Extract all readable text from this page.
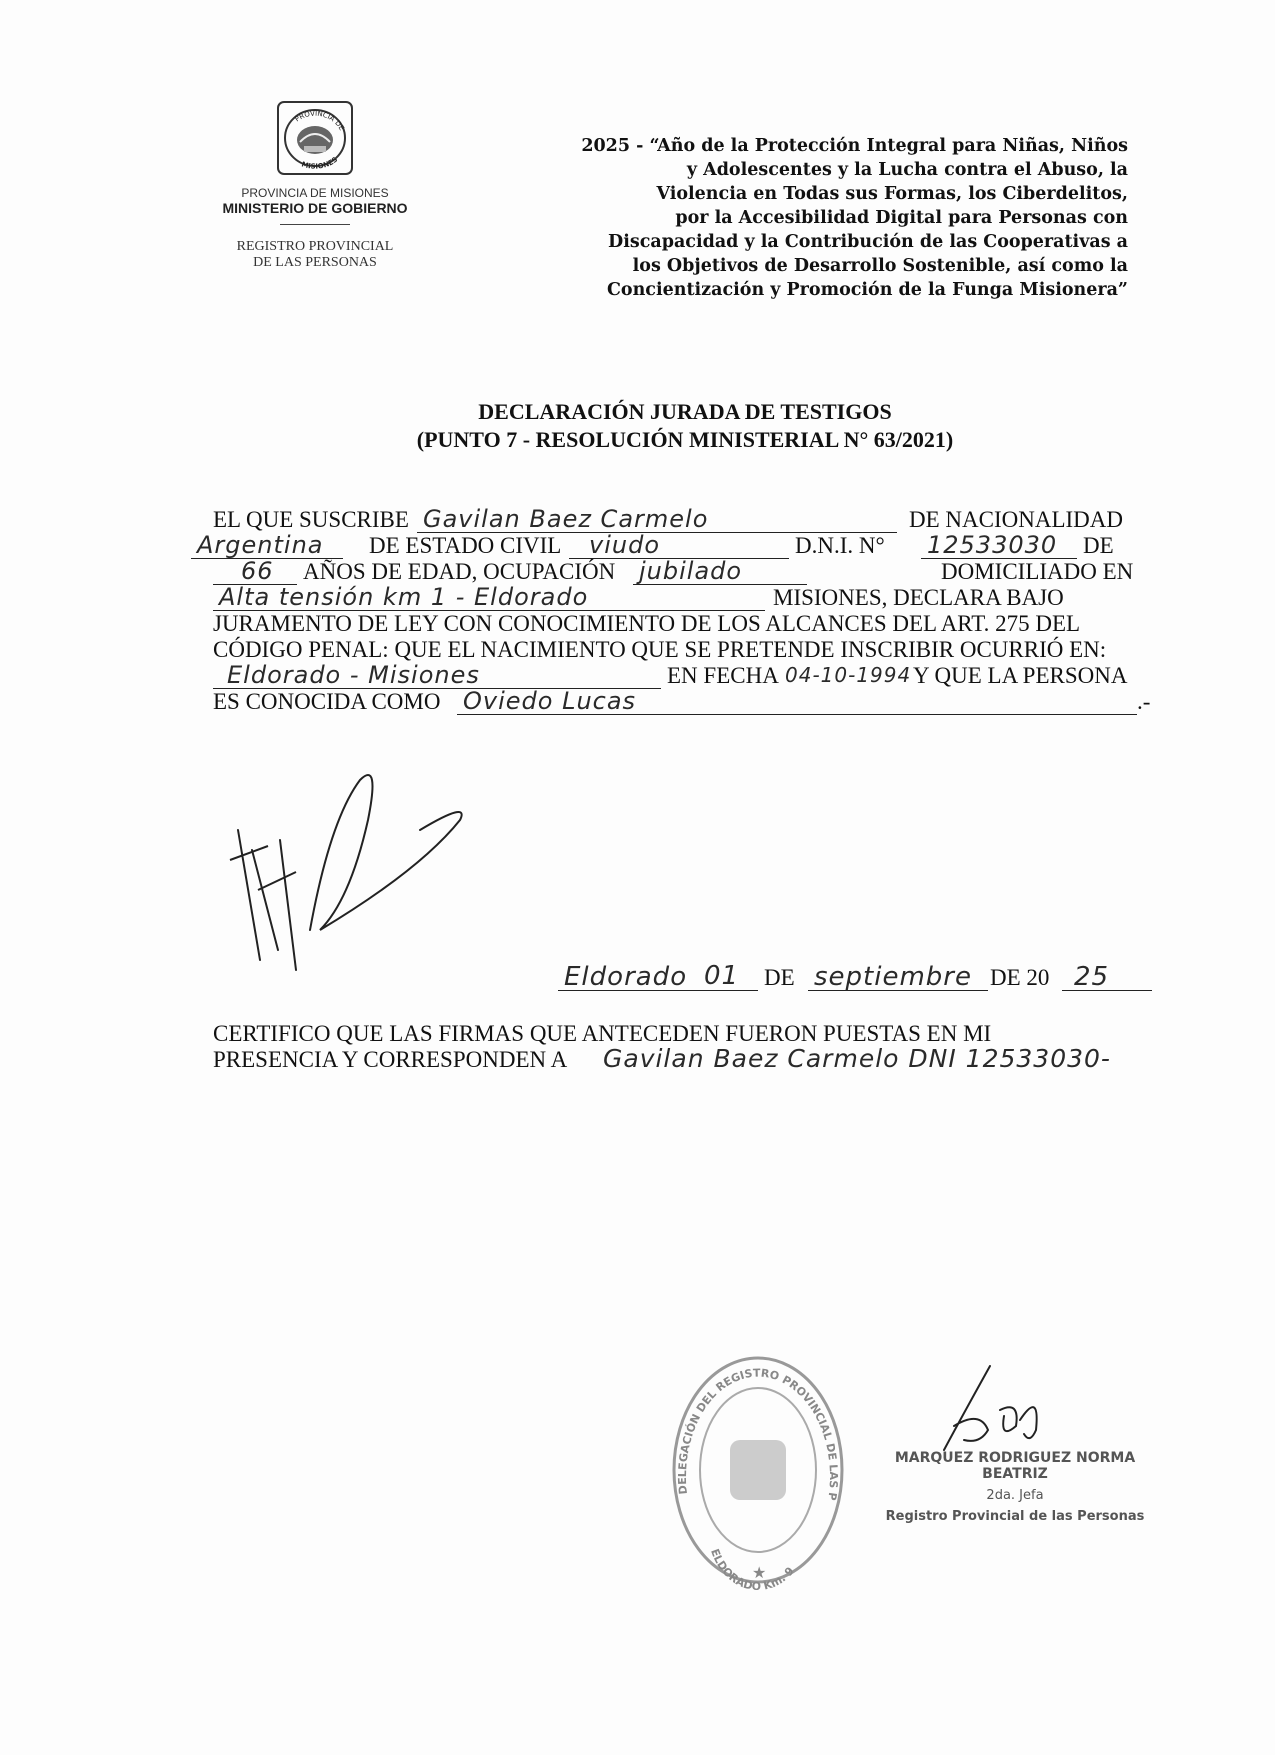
PROVINCIA DE
MISIONES
PROVINCIA DE MISIONES
MINISTERIO DE GOBIERNO
REGISTRO PROVINCIAL
DE LAS PERSONAS
2025 - “Año de la Protección Integral para Niñas, Niños
y Adolescentes y la Lucha contra el Abuso, la
Violencia en Todas sus Formas, los Ciberdelitos,
por la Accesibilidad Digital para Personas con
Discapacidad y la Contribución de las Cooperativas a
los Objetivos de Desarrollo Sostenible, así como la
Concientización y Promoción de la Funga Misionera”
DECLARACIÓN JURADA DE TESTIGOS
(PUNTO 7 - RESOLUCIÓN MINISTERIAL N° 63/2021)
EL QUE SUSCRIBE Gavilan Baez Carmelo	DE NACIONALIDAD
Argentina DE ESTADO CIVIL viudo	D.N.I. N° 12533030 DE
66 AÑOS DE EDAD, OCUPACIÓN jubilado	DOMICILIADO EN
Alta tensión km 1 - Eldorado	MISIONES, DECLARA BAJO
JURAMENTO DE LEY CON CONOCIMIENTO DE LOS ALCANCES DEL ART. 275 DEL
CÓDIGO PENAL: QUE EL NACIMIENTO QUE SE PRETENDE INSCRIBIR OCURRIÓ EN:
Eldorado - Misiones	EN FECHA 04-10-1994 Y QUE LA PERSONA
ES CONOCIDA COMO Oviedo Lucas	.-
Eldorado 01 DE septiembre DE 20 25
CERTIFICO QUE LAS FIRMAS QUE ANTECEDEN FUERON PUESTAS EN MI
PRESENCIA Y CORRESPONDEN A Gavilan Baez Carmelo DNI 12533030-
DELEGACIÓN DEL REGISTRO PROVINCIAL DE LAS P
ELDORADO Km. 9
★
MARQUEZ RODRIGUEZ NORMA BEATRIZ
2da. Jefa
Registro Provincial de las Personas
